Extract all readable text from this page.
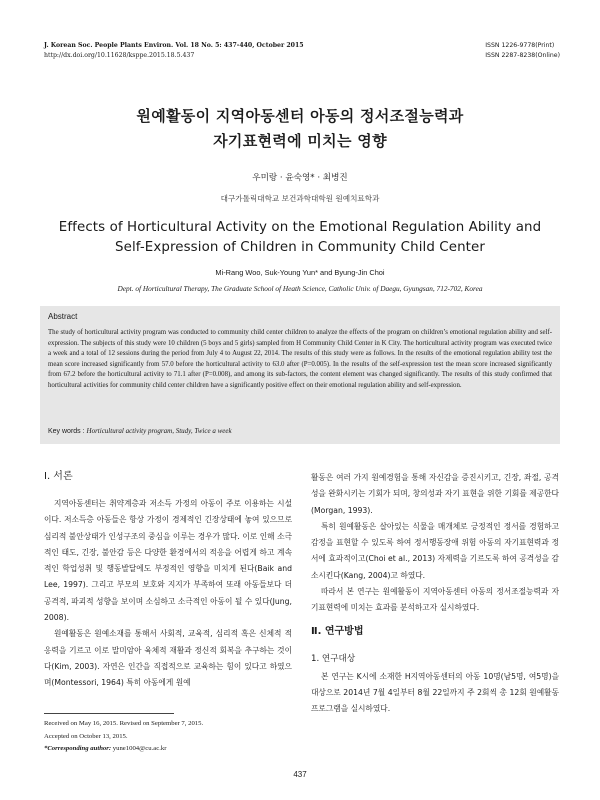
J. Korean Soc. People Plants Environ. Vol. 18 No. 5: 437-440, October 2015
http://dx.doi.org/10.11628/ksppe.2015.18.5.437
ISSN 1226-9778(Print)
ISSN 2287-8238(Online)
원예활동이 지역아동센터 아동의 정서조절능력과
자기표현력에 미치는 영향
우미랑 · 윤숙영* · 최병진
대구가톨릭대학교 보건과학대학원 원예치료학과
Effects of Horticultural Activity on the Emotional Regulation Ability and
Self-Expression of Children in Community Child Center
Mi-Rang Woo, Suk-Young Yun* and Byung-Jin Choi
Dept. of Horticultural Therapy, The Graduate School of Heath Science, Catholic Univ. of Daegu, Gyungsan, 712-702, Korea
Abstract
The study of horticultural activity program was conducted to community child center children to analyze the effects of the program on children’s emotional regulation ability and self-expression. The subjects of this study were 10 children (5 boys and 5 girls) sampled from H Community Child Center in K City. The horticultural activity program was executed twice a week and a total of 12 sessions during the period from July 4 to August 22, 2014. The results of this study were as follows. In the results of the emotional regulation ability test the mean score increased significantly from 57.0 before the horticultural activity to 63.0 after (P=0.005). In the results of the self-expression test the mean score increased significantly from 67.2 before the horticultural activity to 71.1 after (P=0.008), and among its sub-factors, the content element was changed significantly. The results of this study confirmed that horticultural activities for community child center children have a significantly positive effect on their emotional regulation ability and self-expression.
Key words : Horticultural activity program, Study, Twice a week
Ⅰ. 서론

지역아동센터는 취약계층과 저소득 가정의 아동이 주로 이용하는 시설이다. 저소득층 아동들은 항상 가정이 경제적인 긴장상태에 놓여 있으므로 심리적 불안상태가 인성구조의 중심을 이루는 경우가 많다. 이로 인해 소극적인 태도, 긴장, 불안감 등은 다양한 환경에서의 적응을 어렵게 하고 계속적인 학업성취 및 행동발달에도 부정적인 영향을 미치게 된다(Baik and Lee, 1997). 그리고 부모의 보호와 지지가 부족하여 또래 아동들보다 더 공격적, 파괴적 성향을 보이며 소심하고 소극적인 아동이 될 수 있다(Jung, 2008).

원예활동은 원예소재를 통해서 사회적, 교육적, 심리적 혹은 신체적 적응력을 기르고 이로 말미암아 육체적 재활과 정신적 회복을 추구하는 것이다(Kim, 2003). 자연은 인간을 직접적으로 교육하는 힘이 있다고 하였으며(Montessori, 1964) 특히 아동에게 원예

활동은 여러 가지 원예경험을 통해 자신감을 증진시키고, 긴장, 좌절, 공격성을 완화시키는 기회가 되며, 창의성과 자기 표현을 위한 기회를 제공한다(Morgan, 1993).

특히 원예활동은 살아있는 식물을 매개체로 긍정적인 정서를 경험하고 감정을 표현할 수 있도록 하여 정서행동장애 위험 아동의 자기표현력과 정서에 효과적이고(Choi et al., 2013) 자제력을 기르도록 하여 공격성을 감소시킨다(Kang, 2004)고 하였다.

따라서 본 연구는 원예활동이 지역아동센터 아동의 정서조절능력과 자기표현력에 미치는 효과를 분석하고자 실시하였다.

Ⅱ. 연구방법
1. 연구대상

본 연구는 K시에 소재한 H지역아동센터의 아동 10명(남5명, 여5명)을 대상으로 2014년 7월 4일부터 8월 22일까지 주 2회씩 총 12회 원예활동 프로그램을 실시하였다.

Received on May 16, 2015. Revised on September 7, 2015.
Accepted on October 13, 2015.
*Corresponding author: yune1004@cu.ac.kr
437
